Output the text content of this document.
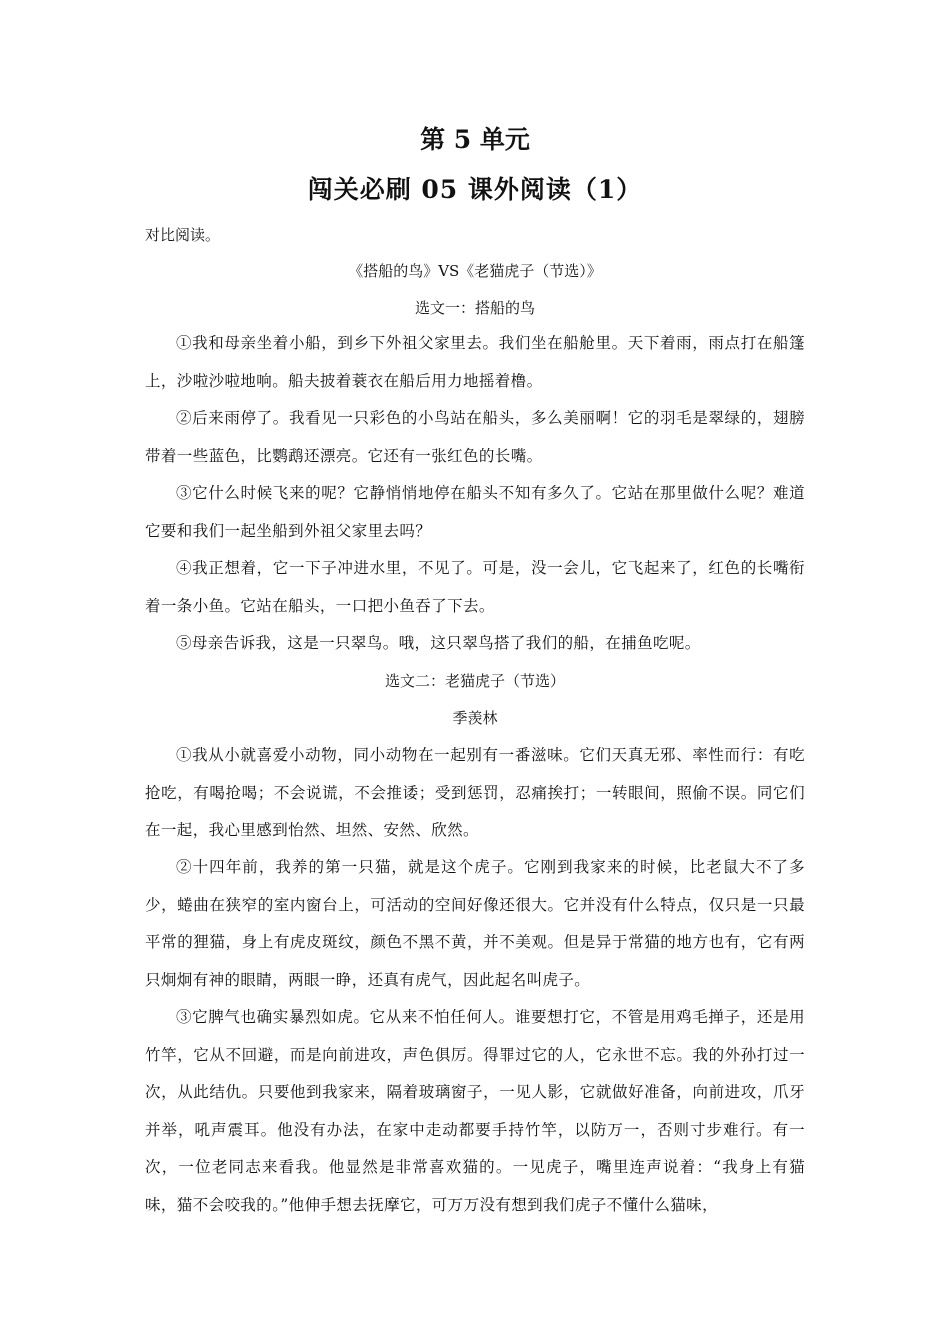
第 5 单元
闯关必刷 05 课外阅读（1）
对比阅读。
《搭船的鸟》VS《老猫虎子（节选）》
选文一：搭船的鸟

①我和母亲坐着小船，到乡下外祖父家里去。我们坐在船舱里。天下着雨，雨点打在船篷上，沙啦沙啦地响。船夫披着蓑衣在船后用力地摇着橹。

②后来雨停了。我看见一只彩色的小鸟站在船头，多么美丽啊！它的羽毛是翠绿的，翅膀带着一些蓝色，比鹦鹉还漂亮。它还有一张红色的长嘴。

③它什么时候飞来的呢？它静悄悄地停在船头不知有多久了。它站在那里做什么呢？难道它要和我们一起坐船到外祖父家里去吗？

④我正想着，它一下子冲进水里，不见了。可是，没一会儿，它飞起来了，红色的长嘴衔着一条小鱼。它站在船头，一口把小鱼吞了下去。

⑤母亲告诉我，这是一只翠鸟。哦，这只翠鸟搭了我们的船，在捕鱼吃呢。

选文二：老猫虎子（节选）
季羡林

①我从小就喜爱小动物，同小动物在一起别有一番滋味。它们天真无邪、率性而行：有吃抢吃，有喝抢喝；不会说谎，不会推诿；受到惩罚，忍痛挨打；一转眼间，照偷不误。同它们在一起，我心里感到怡然、坦然、安然、欣然。

②十四年前，我养的第一只猫，就是这个虎子。它刚到我家来的时候，比老鼠大不了多少，蜷曲在狭窄的室内窗台上，可活动的空间好像还很大。它并没有什么特点，仅只是一只最平常的狸猫，身上有虎皮斑纹，颜色不黑不黄，并不美观。但是异于常猫的地方也有，它有两只炯炯有神的眼睛，两眼一睁，还真有虎气，因此起名叫虎子。

③它脾气也确实暴烈如虎。它从来不怕任何人。谁要想打它，不管是用鸡毛掸子，还是用竹竿，它从不回避，而是向前进攻，声色俱厉。得罪过它的人，它永世不忘。我的外孙打过一次，从此结仇。只要他到我家来，隔着玻璃窗子，一见人影，它就做好准备，向前进攻，爪牙并举，吼声震耳。他没有办法，在家中走动都要手持竹竿，以防万一，否则寸步难行。有一次，一位老同志来看我。他显然是非常喜欢猫的。一见虎子，嘴里连声说着：“我身上有猫味，猫不会咬我的。”他伸手想去抚摩它，可万万没有想到我们虎子不懂什么猫味，
